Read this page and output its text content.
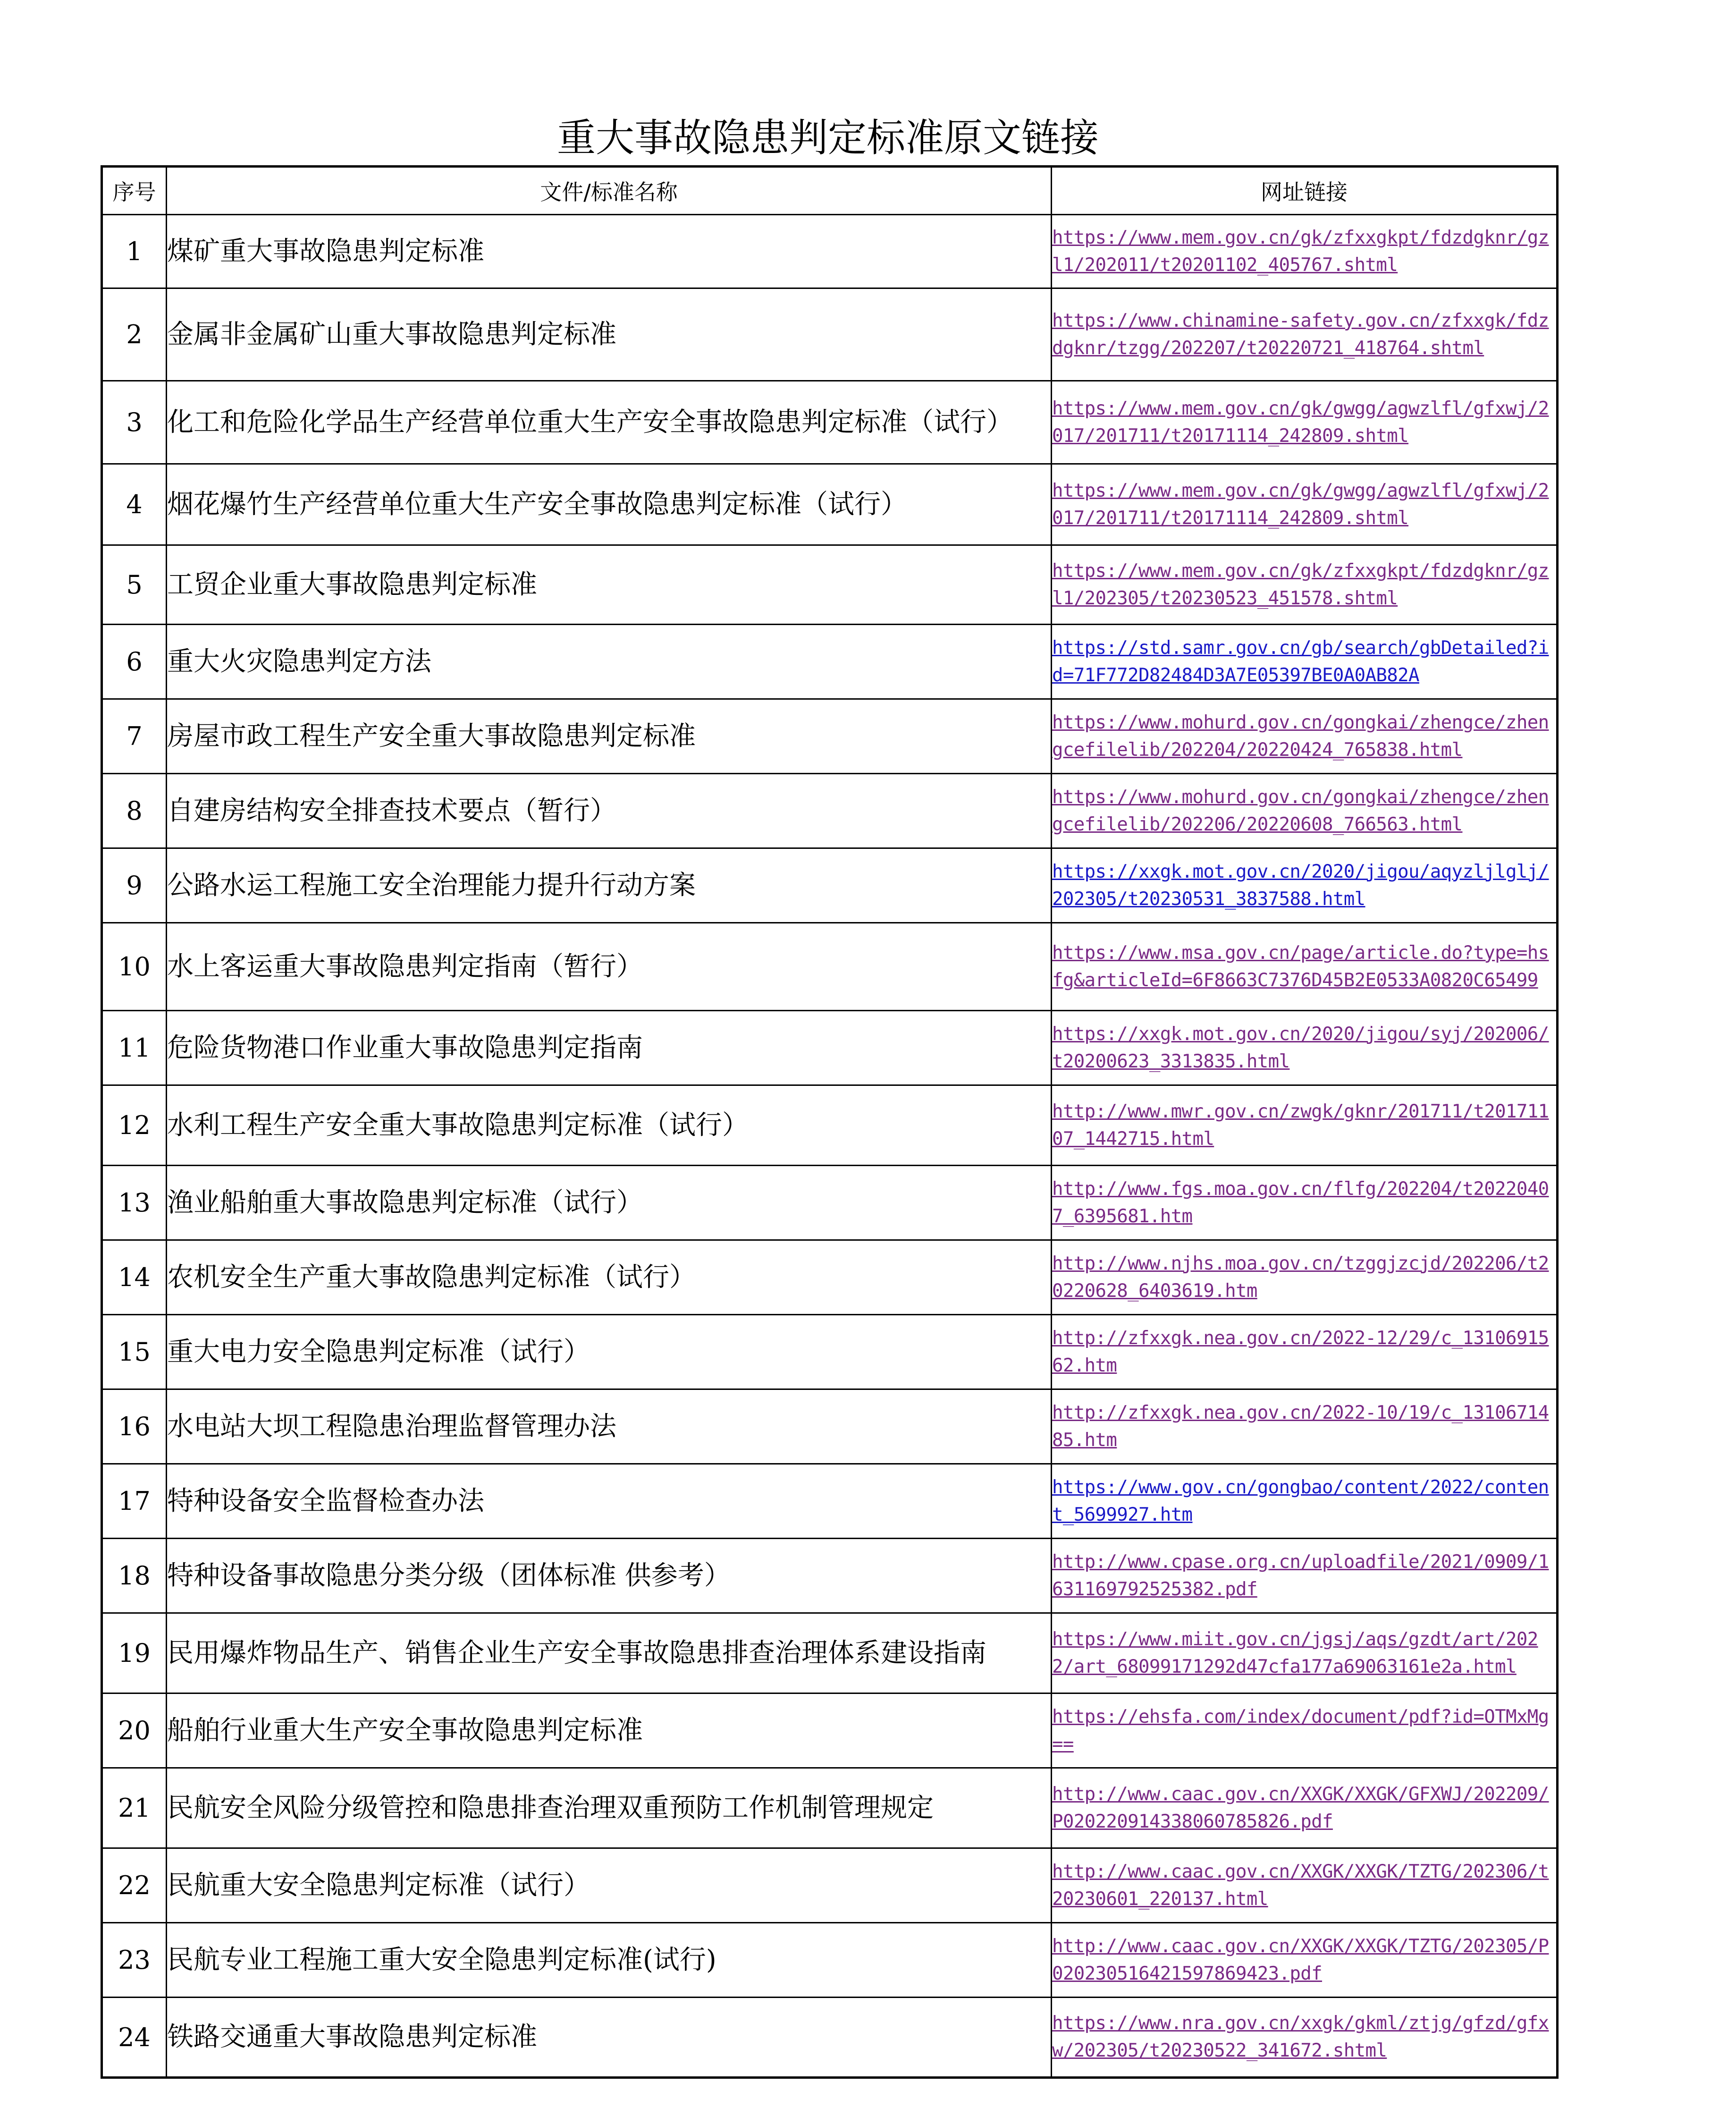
重大事故隐患判定标准原文链接
序号	文件/标准名称	网址链接
1	煤矿重大事故隐患判定标准	https://www.mem.gov.cn/gk/zfxxgkpt/fdzdgknr/gzl1/202011/t20201102_405767.shtml

2	金属非金属矿山重大事故隐患判定标准	https://www.chinamine-safety.gov.cn/zfxxgk/fdzdgknr/tzgg/202207/t20220721_418764.shtml

3	化工和危险化学品生产经营单位重大生产安全事故隐患判定标准（试行）	https://www.mem.gov.cn/gk/gwgg/agwzlfl/gfxwj/2017/201711/t20171114_242809.shtml

4	烟花爆竹生产经营单位重大生产安全事故隐患判定标准（试行）	https://www.mem.gov.cn/gk/gwgg/agwzlfl/gfxwj/2017/201711/t20171114_242809.shtml

5	工贸企业重大事故隐患判定标准	https://www.mem.gov.cn/gk/zfxxgkpt/fdzdgknr/gzl1/202305/t20230523_451578.shtml

6	重大火灾隐患判定方法	https://std.samr.gov.cn/gb/search/gbDetailed?id=71F772D82484D3A7E05397BE0A0AB82A

7	房屋市政工程生产安全重大事故隐患判定标准	https://www.mohurd.gov.cn/gongkai/zhengce/zhengcefilelib/202204/20220424_765838.html

8	自建房结构安全排查技术要点（暂行）	https://www.mohurd.gov.cn/gongkai/zhengce/zhengcefilelib/202206/20220608_766563.html

9	公路水运工程施工安全治理能力提升行动方案	https://xxgk.mot.gov.cn/2020/jigou/aqyzljlglj/202305/t20230531_3837588.html

10	水上客运重大事故隐患判定指南（暂行）	https://www.msa.gov.cn/page/article.do?type=hsfg&articleId=6F8663C7376D45B2E0533A0820C65499

11	危险货物港口作业重大事故隐患判定指南	https://xxgk.mot.gov.cn/2020/jigou/syj/202006/t20200623_3313835.html

12	水利工程生产安全重大事故隐患判定标准（试行）	http://www.mwr.gov.cn/zwgk/gknr/201711/t20171107_1442715.html

13	渔业船舶重大事故隐患判定标准（试行）	http://www.fgs.moa.gov.cn/flfg/202204/t20220407_6395681.htm

14	农机安全生产重大事故隐患判定标准（试行）	http://www.njhs.moa.gov.cn/tzggjzcjd/202206/t20220628_6403619.htm

15	重大电力安全隐患判定标准（试行）	http://zfxxgk.nea.gov.cn/2022-12/29/c_1310691562.htm

16	水电站大坝工程隐患治理监督管理办法	http://zfxxgk.nea.gov.cn/2022-10/19/c_1310671485.htm

17	特种设备安全监督检查办法	https://www.gov.cn/gongbao/content/2022/content_5699927.htm

18	特种设备事故隐患分类分级（团体标准 供参考）	http://www.cpase.org.cn/uploadfile/2021/0909/1631169792525382.pdf

19	民用爆炸物品生产、销售企业生产安全事故隐患排查治理体系建设指南	https://www.miit.gov.cn/jgsj/aqs/gzdt/art/2022/art_68099171292d47cfa177a69063161e2a.html

20	船舶行业重大生产安全事故隐患判定标准	https://ehsfa.com/index/document/pdf?id=OTMxMg==

21	民航安全风险分级管控和隐患排查治理双重预防工作机制管理规定	http://www.caac.gov.cn/XXGK/XXGK/GFXWJ/202209/P020220914338060785826.pdf

22	民航重大安全隐患判定标准（试行）	http://www.caac.gov.cn/XXGK/XXGK/TZTG/202306/t20230601_220137.html

23	民航专业工程施工重大安全隐患判定标准(试行)	http://www.caac.gov.cn/XXGK/XXGK/TZTG/202305/P020230516421597869423.pdf

24	铁路交通重大事故隐患判定标准	https://www.nra.gov.cn/xxgk/gkml/ztjg/gfzd/gfxw/202305/t20230522_341672.shtml
